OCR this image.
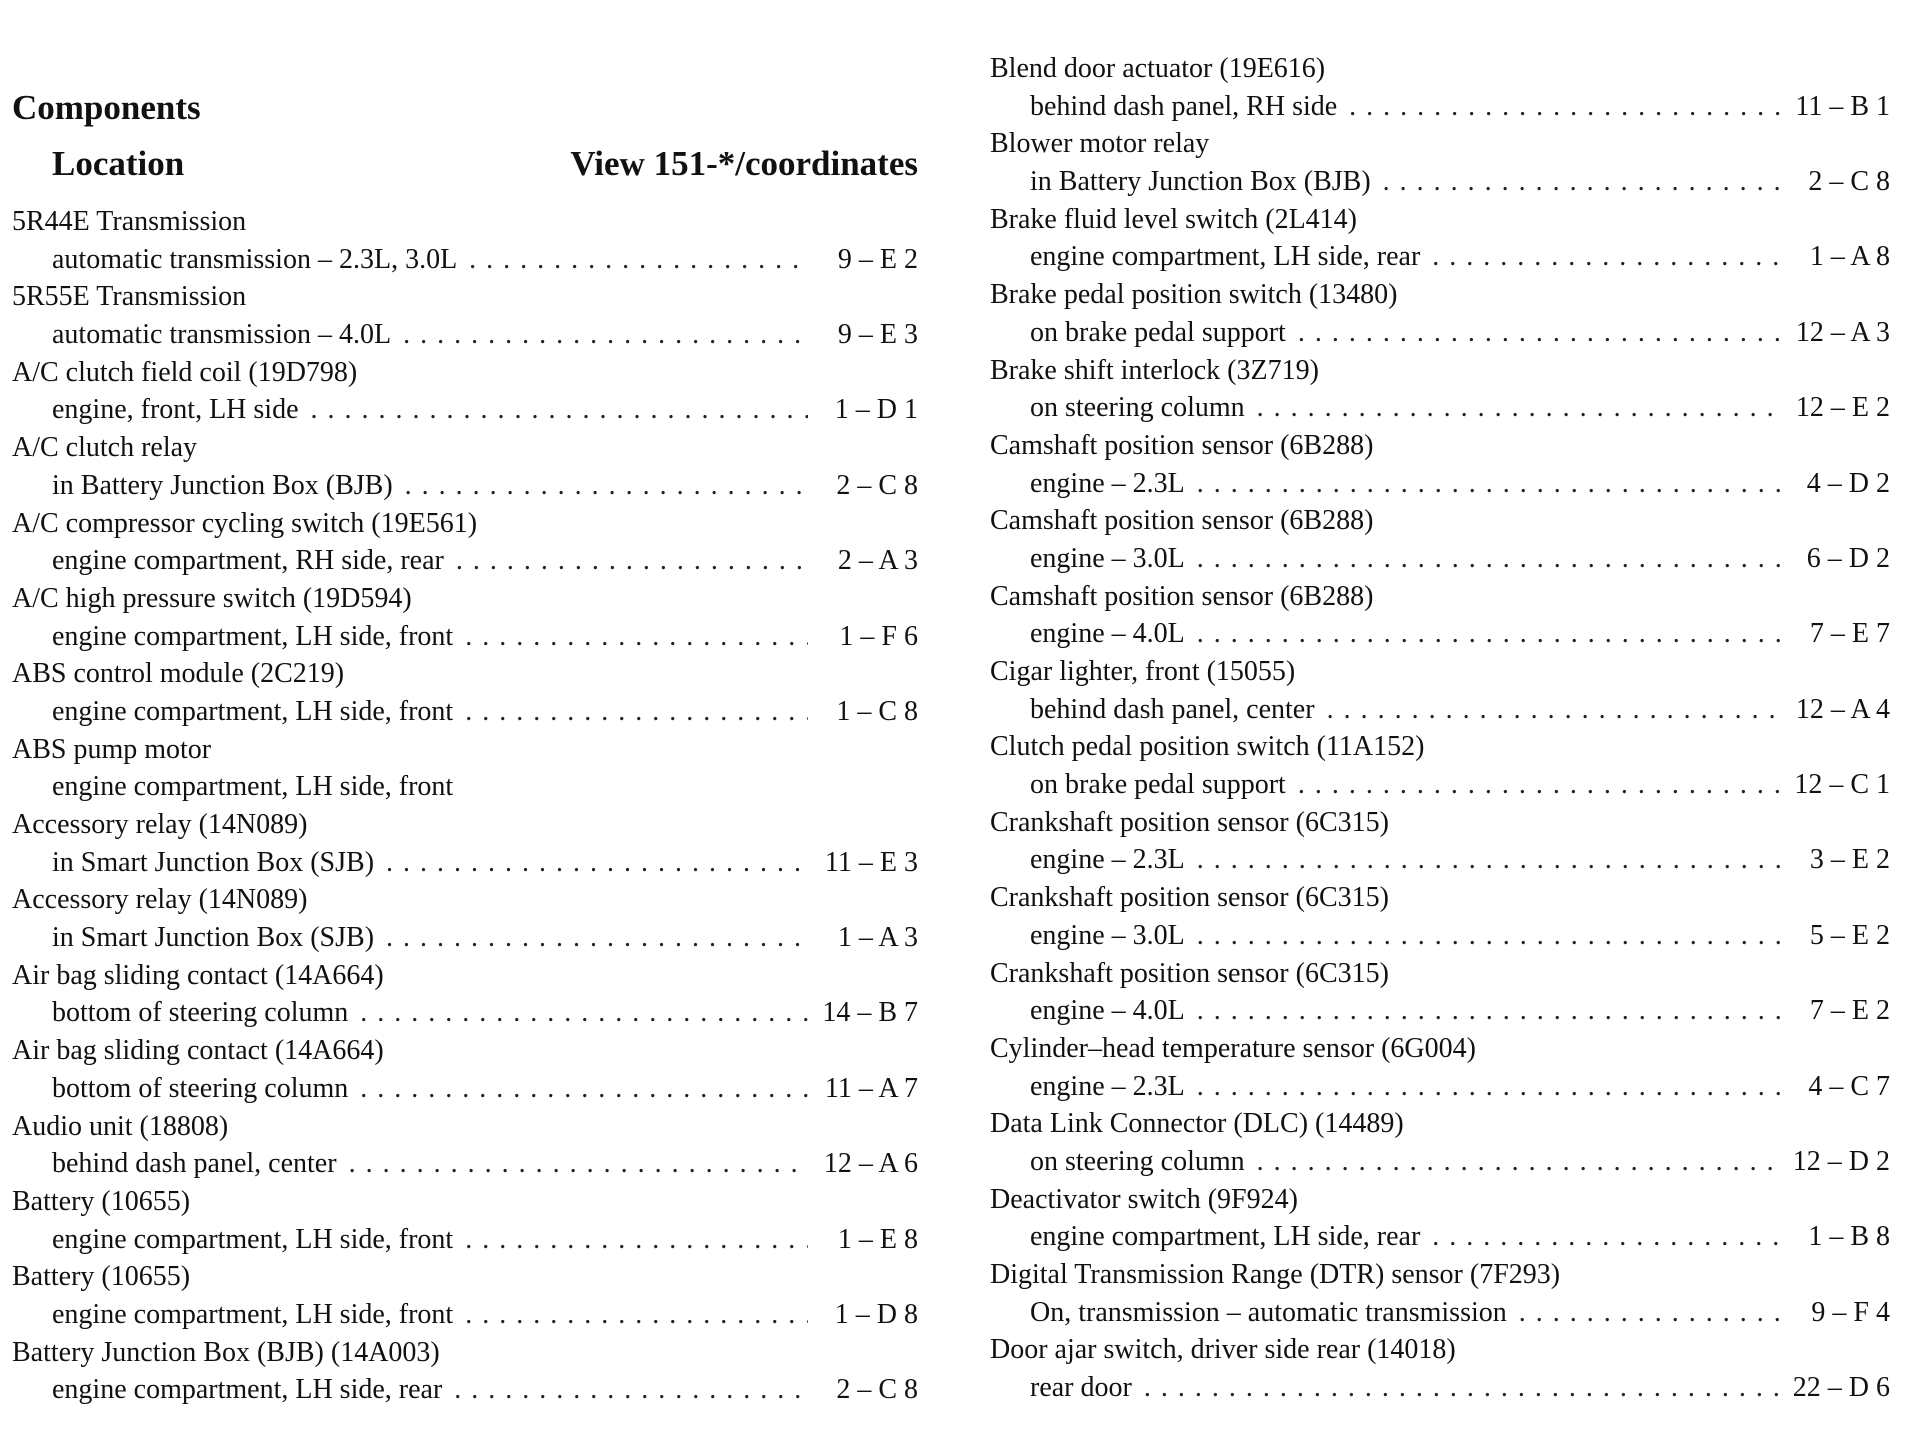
Components
Location	View 151-*/coordinates
5R44E Transmission
automatic transmission – 2.3L, 3.0L . . .	9 – E 2
5R55E Transmission
automatic transmission – 4.0L . . .	9 – E 3
A/C clutch field coil (19D798)
engine, front, LH side . . .	1 – D 1
A/C clutch relay
in Battery Junction Box (BJB) . . .	2 – C 8
A/C compressor cycling switch (19E561)
engine compartment, RH side, rear . . .	2 – A 3
A/C high pressure switch (19D594)
engine compartment, LH side, front . . .	1 – F 6
ABS control module (2C219)
engine compartment, LH side, front . . .	1 – C 8
ABS pump motor
engine compartment, LH side, front
Accessory relay (14N089)
in Smart Junction Box (SJB) . . .	11 – E 3
Accessory relay (14N089)
in Smart Junction Box (SJB) . . .	1 – A 3
Air bag sliding contact (14A664)
bottom of steering column . . .	14 – B 7
Air bag sliding contact (14A664)
bottom of steering column . . .	11 – A 7
Audio unit (18808)
behind dash panel, center . . .	12 – A 6
Battery (10655)
engine compartment, LH side, front . . .	1 – E 8
Battery (10655)
engine compartment, LH side, front . . .	1 – D 8
Battery Junction Box (BJB) (14A003)
engine compartment, LH side, rear . . .	2 – C 8
Blend door actuator (19E616)
behind dash panel, RH side . . .	11 – B 1
Blower motor relay
in Battery Junction Box (BJB) . . .	2 – C 8
Brake fluid level switch (2L414)
engine compartment, LH side, rear . . .	1 – A 8
Brake pedal position switch (13480)
on brake pedal support . . .	12 – A 3
Brake shift interlock (3Z719)
on steering column . . .	12 – E 2
Camshaft position sensor (6B288)
engine – 2.3L . . .	4 – D 2
Camshaft position sensor (6B288)
engine – 3.0L . . .	6 – D 2
Camshaft position sensor (6B288)
engine – 4.0L . . .	7 – E 7
Cigar lighter, front (15055)
behind dash panel, center . . .	12 – A 4
Clutch pedal position switch (11A152)
on brake pedal support . . .	12 – C 1
Crankshaft position sensor (6C315)
engine – 2.3L . . .	3 – E 2
Crankshaft position sensor (6C315)
engine – 3.0L . . .	5 – E 2
Crankshaft position sensor (6C315)
engine – 4.0L . . .	7 – E 2
Cylinder–head temperature sensor (6G004)
engine – 2.3L . . .	4 – C 7
Data Link Connector (DLC) (14489)
on steering column . . .	12 – D 2
Deactivator switch (9F924)
engine compartment, LH side, rear . . .	1 – B 8
Digital Transmission Range (DTR) sensor (7F293)
On, transmission – automatic transmission . . .	9 – F 4
Door ajar switch, driver side rear (14018)
rear door . . .	22 – D 6
